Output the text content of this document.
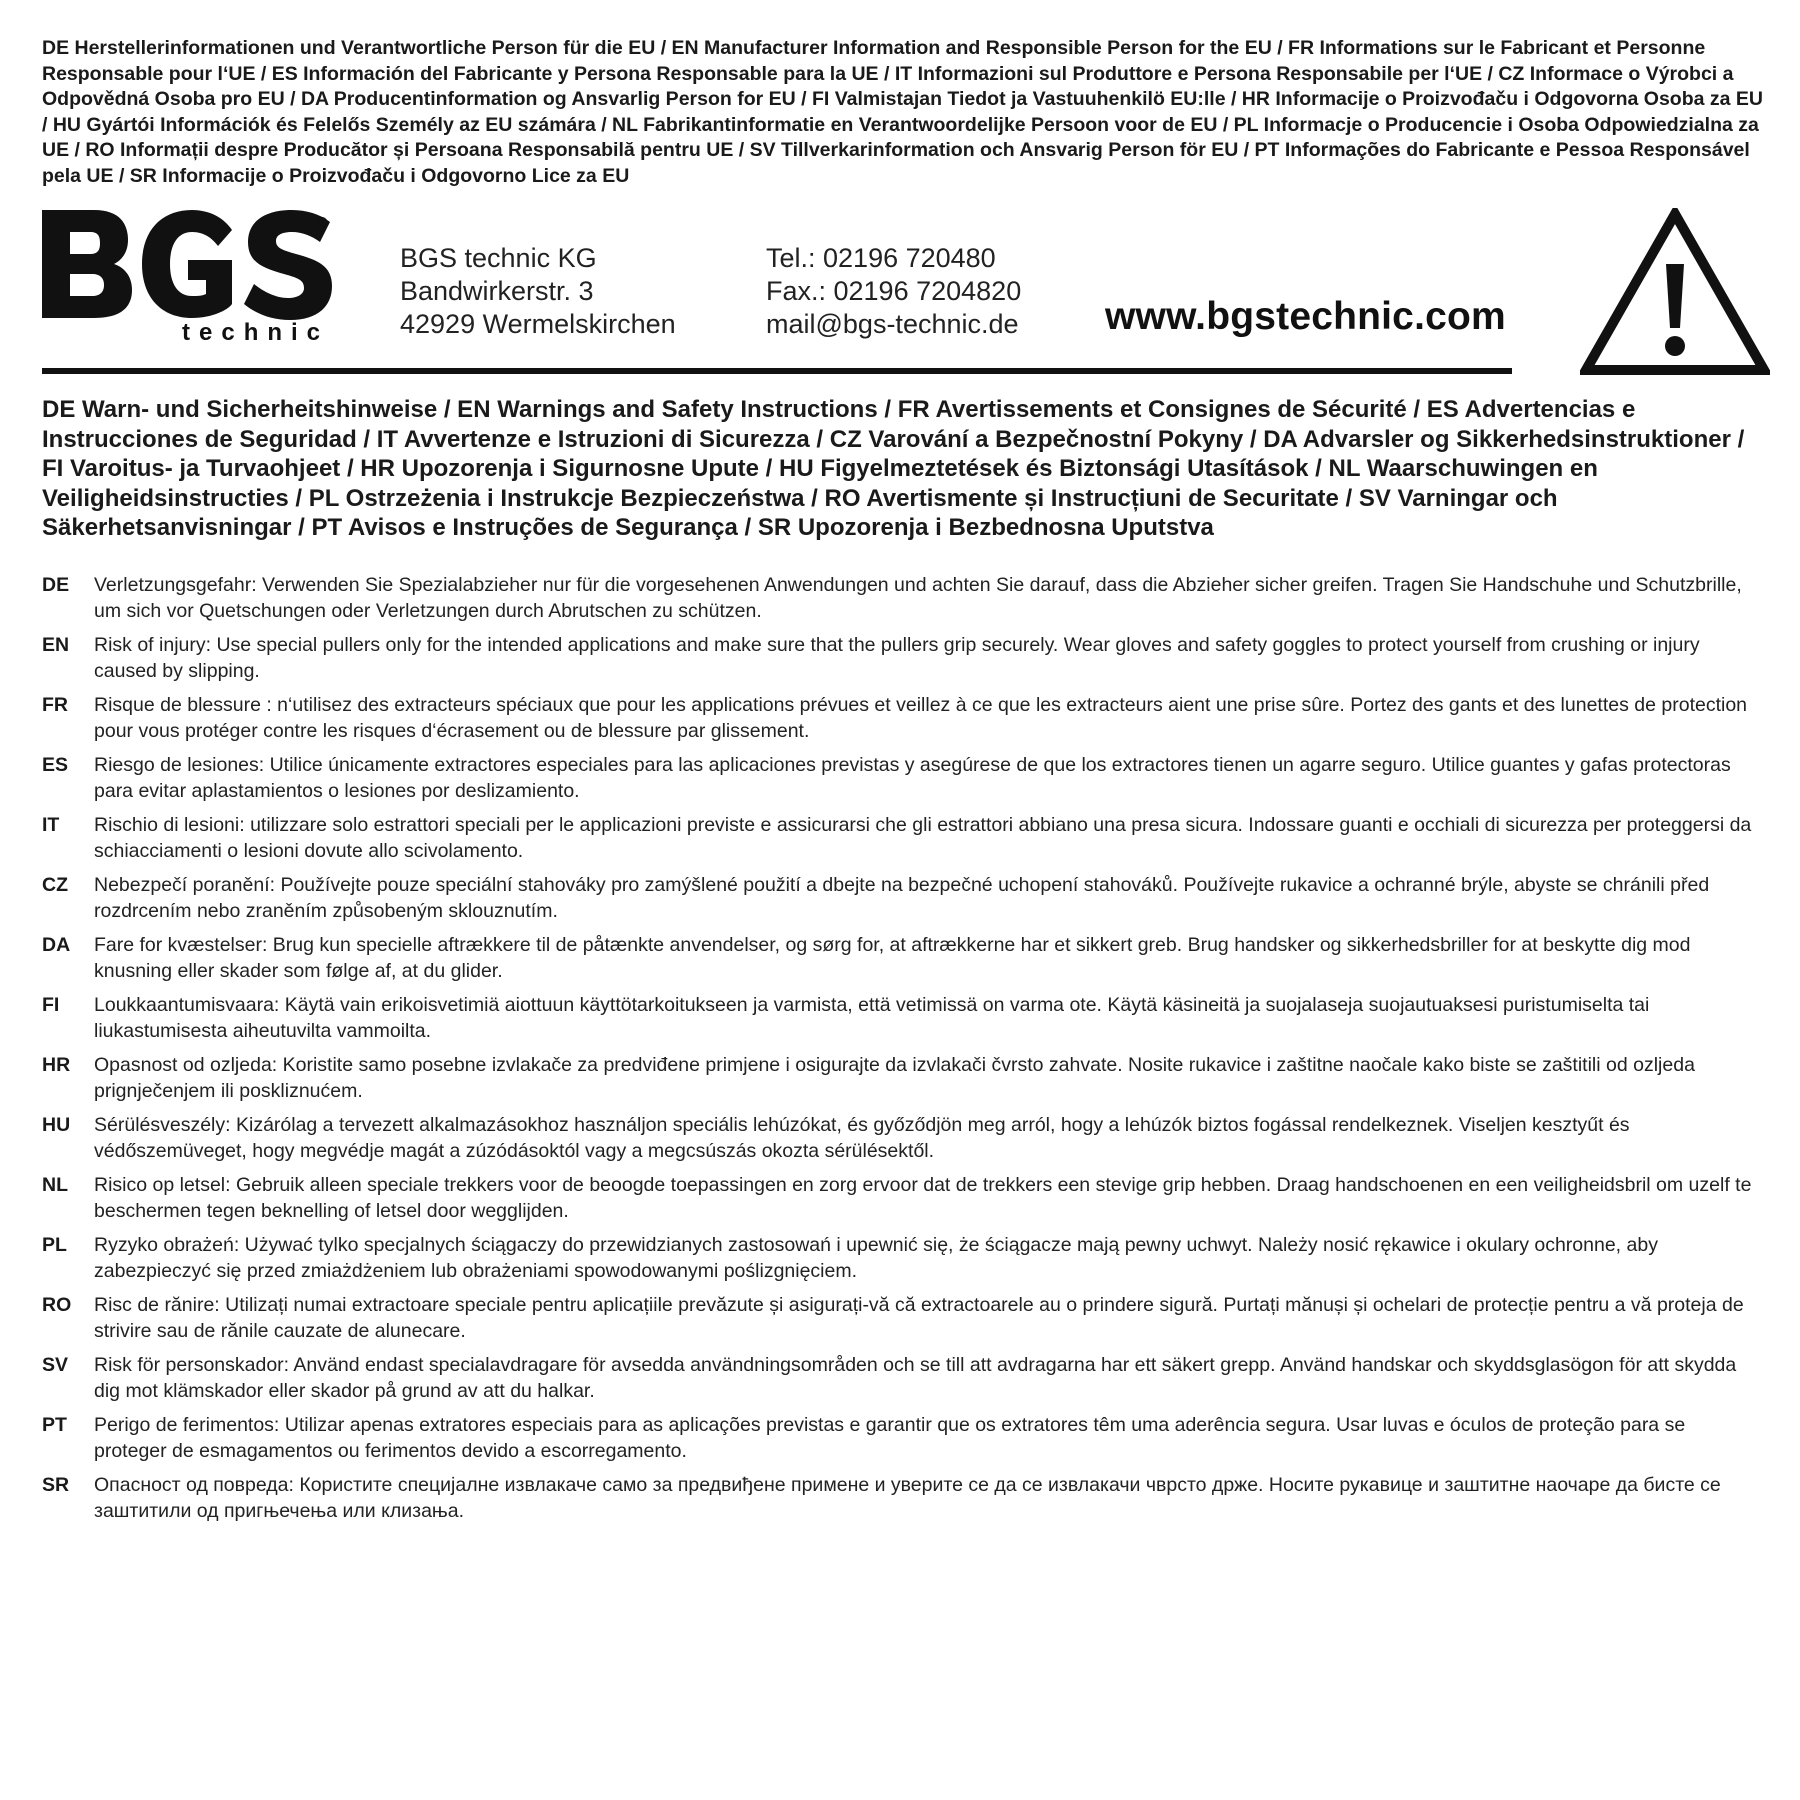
DE Herstellerinformationen und Verantwortliche Person für die EU / EN Manufacturer Information and Responsible Person for the EU / FR Informations sur le Fabricant et Personne Responsable pour l‘UE / ES Información del Fabricante y Persona Responsable para la UE / IT Informazioni sul Produttore e Persona Responsabile per l‘UE / CZ Informace o Výrobci a Odpovědná Osoba pro EU / DA Producentinformation og Ansvarlig Person for EU / FI Valmistajan Tiedot ja Vastuuhenkilö EU:lle / HR Informacije o Proizvođaču i Odgovorna Osoba za EU / HU Gyártói Információk és Felelős Személy az EU számára / NL Fabrikantinformatie en Verantwoordelijke Persoon voor de EU / PL Informacje o Producencie i Osoba Odpowiedzialna za UE / RO Informații despre Producător și Persoana Responsabilă pentru UE / SV Tillverkarinformation och Ansvarig Person för EU / PT Informações do Fabricante e Pessoa Responsável pela UE / SR Informacije o Proizvođaču i Odgovorno Lice za EU
®
technic
BGS technic KG
Bandwirkerstr. 3
42929 Wermelskirchen
Tel.: 02196 720480
Fax.: 02196 7204820
mail@bgs-technic.de www.bgstechnic.com
DE Warn- und Sicherheitshinweise / EN Warnings and Safety Instructions / FR Avertissements et Consignes de Sécurité / ES Advertencias e Instrucciones de Seguridad / IT Avvertenze e Istruzioni di Sicurezza / CZ Varování a Bezpečnostní Pokyny / DA Advarsler og Sikkerhedsinstruktioner / FI Varoitus- ja Turvaohjeet / HR Upozorenja i Sigurnosne Upute / HU Figyelmeztetések és Biztonsági Utasítások / NL Waarschuwingen en Veiligheidsinstructies / PL Ostrzeżenia i Instrukcje Bezpieczeństwa / RO Avertismente și Instrucțiuni de Securitate / SV Varningar och Säkerhetsanvisningar / PT Avisos e Instruções de Segurança / SR Upozorenja i Bezbednosna Uputstva
DE	Verletzungsgefahr: Verwenden Sie Spezialabzieher nur für die vorgesehenen Anwendungen und achten Sie darauf, dass die Abzieher sicher greifen. Tragen Sie Handschuhe und Schutzbrille, um sich vor Quetschungen oder Verletzungen durch Abrutschen zu schützen.
EN	Risk of injury: Use special pullers only for the intended applications and make sure that the pullers grip securely. Wear gloves and safety goggles to protect yourself from crushing or injury caused by slipping.
FR	Risque de blessure : n‘utilisez des extracteurs spéciaux que pour les applications prévues et veillez à ce que les extracteurs aient une prise sûre. Portez des gants et des lunettes de protection pour vous protéger contre les risques d‘écrasement ou de blessure par glissement.
ES	Riesgo de lesiones: Utilice únicamente extractores especiales para las aplicaciones previstas y asegúrese de que los extractores tienen un agarre seguro. Utilice guantes y gafas protectoras para evitar aplastamientos o lesiones por deslizamiento.
IT	Rischio di lesioni: utilizzare solo estrattori speciali per le applicazioni previste e assicurarsi che gli estrattori abbiano una presa sicura. Indossare guanti e occhiali di sicurezza per proteggersi da schiacciamenti o lesioni dovute allo scivolamento.
CZ	Nebezpečí poranění: Používejte pouze speciální stahováky pro zamýšlené použití a dbejte na bezpečné uchopení stahováků. Používejte rukavice a ochranné brýle, abyste se chránili před rozdrcením nebo zraněním způsobeným sklouznutím.
DA	Fare for kvæstelser: Brug kun specielle aftrækkere til de påtænkte anvendelser, og sørg for, at aftrækkerne har et sikkert greb. Brug handsker og sikkerhedsbriller for at beskytte dig mod knusning eller skader som følge af, at du glider.
FI	Loukkaantumisvaara: Käytä vain erikoisvetimiä aiottuun käyttötarkoitukseen ja varmista, että vetimissä on varma ote. Käytä käsineitä ja suojalaseja suojautuaksesi puristumiselta tai liukastumisesta aiheutuvilta vammoilta.
HR	Opasnost od ozljeda: Koristite samo posebne izvlakače za predviđene primjene i osigurajte da izvlakači čvrsto zahvate. Nosite rukavice i zaštitne naočale kako biste se zaštitili od ozljeda prignječenjem ili poskliznućem.
HU	Sérülésveszély: Kizárólag a tervezett alkalmazásokhoz használjon speciális lehúzókat, és győződjön meg arról, hogy a lehúzók biztos fogással rendelkeznek. Viseljen kesztyűt és védőszemüveget, hogy megvédje magát a zúzódásoktól vagy a megcsúszás okozta sérülésektől.
NL	Risico op letsel: Gebruik alleen speciale trekkers voor de beoogde toepassingen en zorg ervoor dat de trekkers een stevige grip hebben. Draag handschoenen en een veiligheidsbril om uzelf te beschermen tegen beknelling of letsel door wegglijden.
PL	Ryzyko obrażeń: Używać tylko specjalnych ściągaczy do przewidzianych zastosowań i upewnić się, że ściągacze mają pewny uchwyt. Należy nosić rękawice i okulary ochronne, aby zabezpieczyć się przed zmiażdżeniem lub obrażeniami spowodowanymi poślizgnięciem.
RO	Risc de rănire: Utilizați numai extractoare speciale pentru aplicațiile prevăzute și asigurați-vă că extractoarele au o prindere sigură. Purtați mănuși și ochelari de protecție pentru a vă proteja de strivire sau de rănile cauzate de alunecare.
SV	Risk för personskador: Använd endast specialavdragare för avsedda användningsområden och se till att avdragarna har ett säkert grepp. Använd handskar och skyddsglasögon för att skydda dig mot klämskador eller skador på grund av att du halkar.
PT	Perigo de ferimentos: Utilizar apenas extratores especiais para as aplicações previstas e garantir que os extratores têm uma aderência segura. Usar luvas e óculos de proteção para se proteger de esmagamentos ou ferimentos devido a escorregamento.
SR	Опасност од повреда: Користите специјалне извлакаче само за предвиђене примене и уверите се да се извлакачи чврсто држе. Носите рукавице и заштитне наочаре да бисте се заштитили од пригњечења или клизања.
